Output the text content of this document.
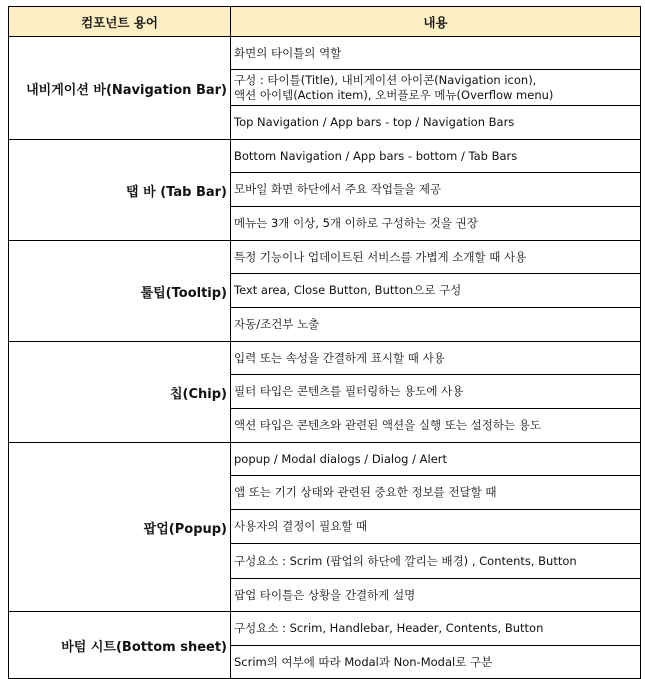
컴포넌트 용어	내용
내비게이션 바(Navigation Bar)	화면의 타이틀의 역할

	구성 : 타이틀(Title), 내비게이션 아이콘(Navigation icon),
액션 아이템(Action item), 오버플로우 메뉴(Overflow menu)

	Top Navigation / App bars - top / Navigation Bars
탭 바 (Tab Bar)	Bottom Navigation / App bars - bottom / Tab Bars
	모바일 화면 하단에서 주요 작업들을 제공
	메뉴는 3개 이상, 5개 이하로 구성하는 것을 권장
툴팁(Tooltip)	특정 기능이나 업데이트된 서비스를 가볍게 소개할 때 사용
	Text area, Close Button, Button으로 구성
	자동/조건부 노출
칩(Chip)	입력 또는 속성을 간결하게 표시할 때 사용
	필터 타입은 콘텐츠를 필터링하는 용도에 사용
	액션 타입은 콘텐츠와 관련된 액션을 실행 또는 설정하는 용도
팝업(Popup)	popup / Modal dialogs / Dialog / Alert
	앱 또는 기기 상태와 관련된 중요한 정보를 전달할 때
	사용자의 결정이 필요할 때
	구성요소 : Scrim (팝업의 하단에 깔리는 배경) , Contents, Button
	팝업 타이틀은 상황을 간결하게 설명
바텀 시트(Bottom sheet)	구성요소 : Scrim, Handlebar, Header, Contents, Button
	Scrim의 여부에 따라 Modal과 Non-Modal로 구분
